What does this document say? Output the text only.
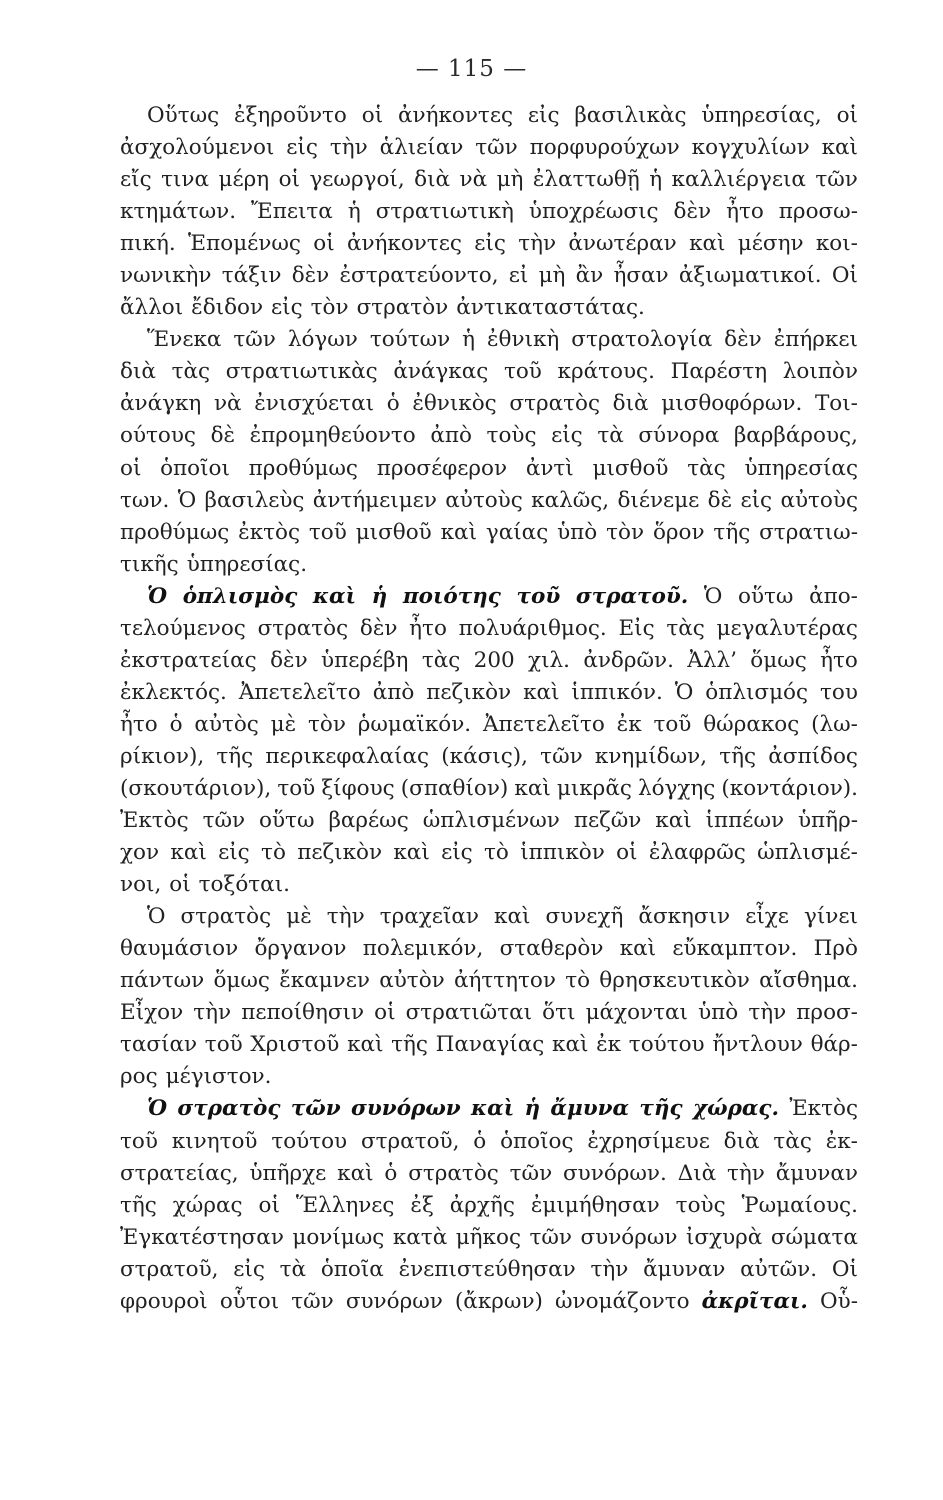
— 115 —
Οὕτως ἐξηροῦντο οἱ ἀνήκοντες εἰς βασιλικὰς ὑπηρεσίας, οἱ
ἀσχολούμενοι εἰς τὴν ἁλιείαν τῶν πορφυρούχων κογχυλίων καὶ
εἴς τινα μέρη οἱ γεωργοί, διὰ νὰ μὴ ἐλαττωθῇ ἡ καλλιέργεια τῶν
κτημάτων. Ἔπειτα ἡ στρατιωτικὴ ὑποχρέωσις δὲν ἦτο προσω-
πική. Ἑπομένως οἱ ἀνήκοντες εἰς τὴν ἀνωτέραν καὶ μέσην κοι-
νωνικὴν τάξιν δὲν ἐστρατεύοντο, εἰ μὴ ἂν ἦσαν ἀξιωματικοί. Οἱ
ἄλλοι ἔδιδον εἰς τὸν στρατὸν ἀντικαταστάτας.
Ἕνεκα τῶν λόγων τούτων ἡ ἐθνικὴ στρατολογία δὲν ἐπήρκει
διὰ τὰς στρατιωτικὰς ἀνάγκας τοῦ κράτους. Παρέστη λοιπὸν
ἀνάγκη νὰ ἐνισχύεται ὁ ἐθνικὸς στρατὸς διὰ μισθοφόρων. Τοι-
ούτους δὲ ἐπρομηθεύοντο ἀπὸ τοὺς εἰς τὰ σύνορα βαρβάρους,
οἱ ὁποῖοι προθύμως προσέφερον ἀντὶ μισθοῦ τὰς ὑπηρεσίας
των. Ὁ βασιλεὺς ἀντήμειμεν αὐτοὺς καλῶς, διένεμε δὲ εἰς αὐτοὺς
προθύμως ἐκτὸς τοῦ μισθοῦ καὶ γαίας ὑπὸ τὸν ὅρον τῆς στρατιω-
τικῆς ὑπηρεσίας.
Ὁ ὁπλισμὸς καὶ ἡ ποιότης τοῦ στρατοῦ. Ὁ οὕτω ἀπο-
τελούμενος στρατὸς δὲν ἦτο πολυάριθμος. Εἰς τὰς μεγαλυτέρας
ἐκστρατείας δὲν ὑπερέβη τὰς 200 χιλ. ἀνδρῶν. Ἀλλ’ ὅμως ἦτο
ἐκλεκτός. Ἀπετελεῖτο ἀπὸ πεζικὸν καὶ ἱππικόν. Ὁ ὁπλισμός του
ἦτο ὁ αὐτὸς μὲ τὸν ῥωμαϊκόν. Ἀπετελεῖτο ἐκ τοῦ θώρακος (λω-
ρίκιον), τῆς περικεφαλαίας (κάσις), τῶν κνημίδων, τῆς ἀσπίδος
(σκουτάριον), τοῦ ξίφους (σπαθίον) καὶ μικρᾶς λόγχης (κοντάριον).
Ἐκτὸς τῶν οὕτω βαρέως ὡπλισμένων πεζῶν καὶ ἱππέων ὑπῆρ-
χον καὶ εἰς τὸ πεζικὸν καὶ εἰς τὸ ἱππικὸν οἱ ἐλαφρῶς ὡπλισμέ-
νοι, οἱ τοξόται.
Ὁ στρατὸς μὲ τὴν τραχεῖαν καὶ συνεχῆ ἄσκησιν εἶχε γίνει
θαυμάσιον ὄργανον πολεμικόν, σταθερὸν καὶ εὔκαμπτον. Πρὸ
πάντων ὅμως ἔκαμνεν αὐτὸν ἀήττητον τὸ θρησκευτικὸν αἴσθημα.
Εἶχον τὴν πεποίθησιν οἱ στρατιῶται ὅτι μάχονται ὑπὸ τὴν προσ-
τασίαν τοῦ Χριστοῦ καὶ τῆς Παναγίας καὶ ἐκ τούτου ἤντλουν θάρ-
ρος μέγιστον.
Ὁ στρατὸς τῶν συνόρων καὶ ἡ ἄμυνα τῆς χώρας. Ἐκτὸς
τοῦ κινητοῦ τούτου στρατοῦ, ὁ ὁποῖος ἐχρησίμευε διὰ τὰς ἐκ-
στρατείας, ὑπῆρχε καὶ ὁ στρατὸς τῶν συνόρων. Διὰ τὴν ἄμυναν
τῆς χώρας οἱ Ἕλληνες ἐξ ἀρχῆς ἐμιμήθησαν τοὺς Ῥωμαίους.
Ἐγκατέστησαν μονίμως κατὰ μῆκος τῶν συνόρων ἰσχυρὰ σώματα
στρατοῦ, εἰς τὰ ὁποῖα ἐνεπιστεύθησαν τὴν ἄμυναν αὐτῶν. Οἱ
φρουροὶ οὗτοι τῶν συνόρων (ἄκρων) ὠνομάζοντο ἀκρῖται. Οὗ-
